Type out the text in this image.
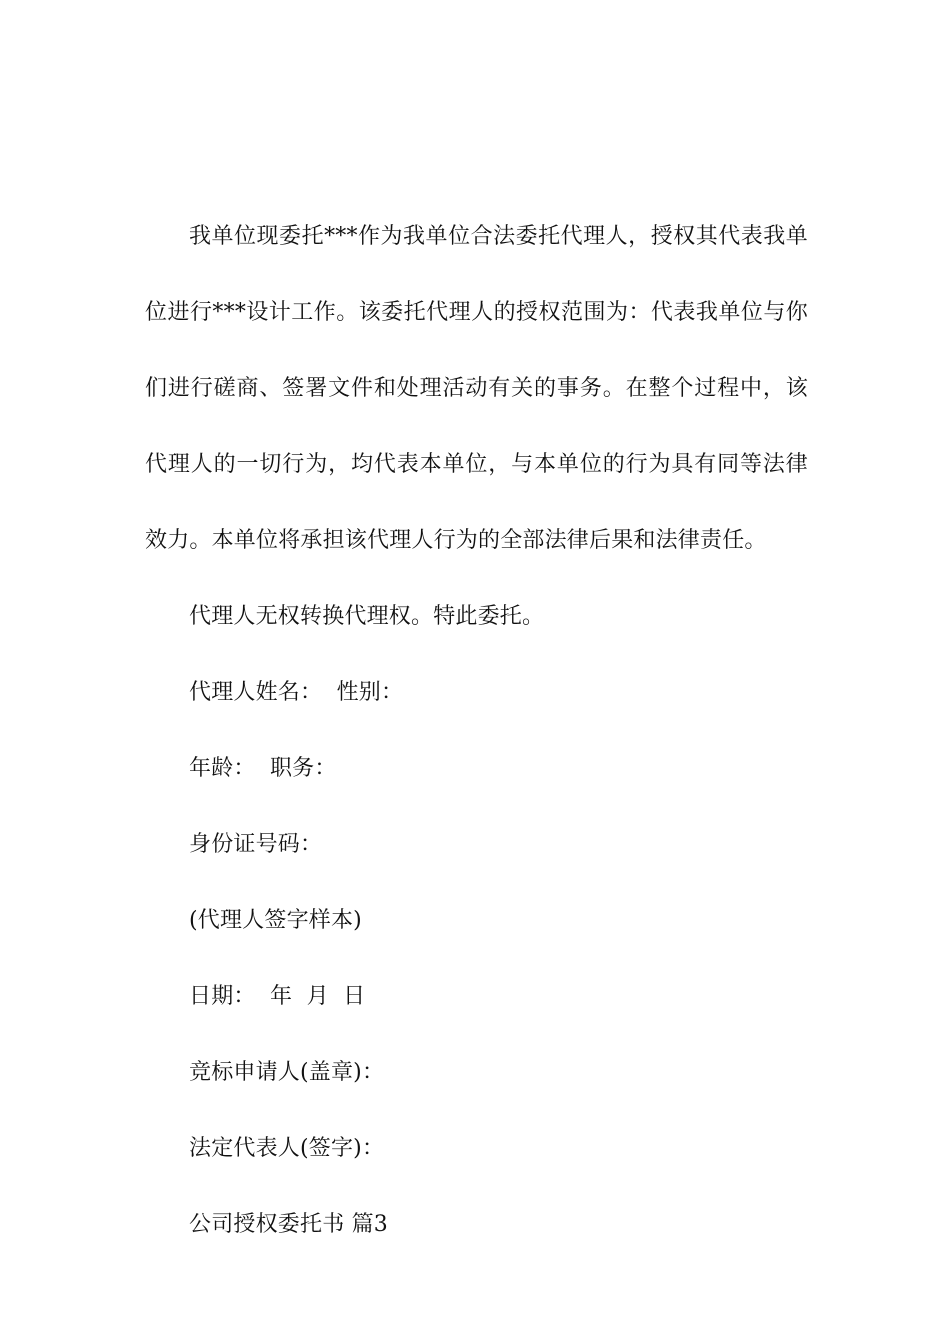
我单位现委托***作为我单位合法委托代理人，授权其代表我单位进行***设计工作。该委托代理人的授权范围为：代表我单位与你们进行磋商、签署文件和处理活动有关的事务。在整个过程中，该代理人的一切行为，均代表本单位，与本单位的行为具有同等法律效力。本单位将承担该代理人行为的全部法律后果和法律责任。

代理人无权转换代理权。特此委托。

代理人姓名：  性别：

年龄：  职务：

身份证号码：

(代理人签字样本)

日期：  年  月  日

竞标申请人(盖章)：

法定代表人(签字)：

公司授权委托书 篇3
